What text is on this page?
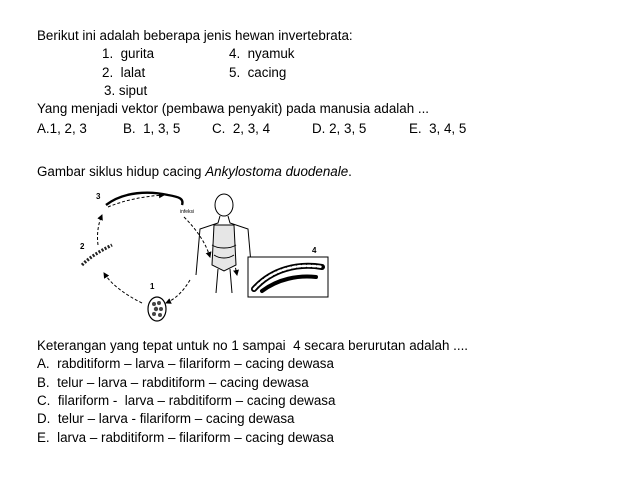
Berikut ini adalah beberapa jenis hewan invertebrata:
1.  gurita	4.  nyamuk
2.  lalat	5.  cacing
3. siput
Yang menjadi vektor (pembawa penyakit) pada manusia adalah ...
A.1, 2, 3	B.  1, 3, 5 C.  2, 3, 4	D. 2, 3, 5	E.  3, 4, 5
Gambar siklus hidup cacing Ankylostoma duodenale.
3
2
1
4
infeksi
Keterangan yang tepat untuk no 1 sampai  4 secara berurutan adalah ....
A.  rabditiform – larva – filariform – cacing dewasa
B.  telur – larva – rabditiform – cacing dewasa
C.  filariform -  larva – rabditiform – cacing dewasa
D.  telur – larva - filariform – cacing dewasa
E.  larva – rabditiform – filariform – cacing dewasa
